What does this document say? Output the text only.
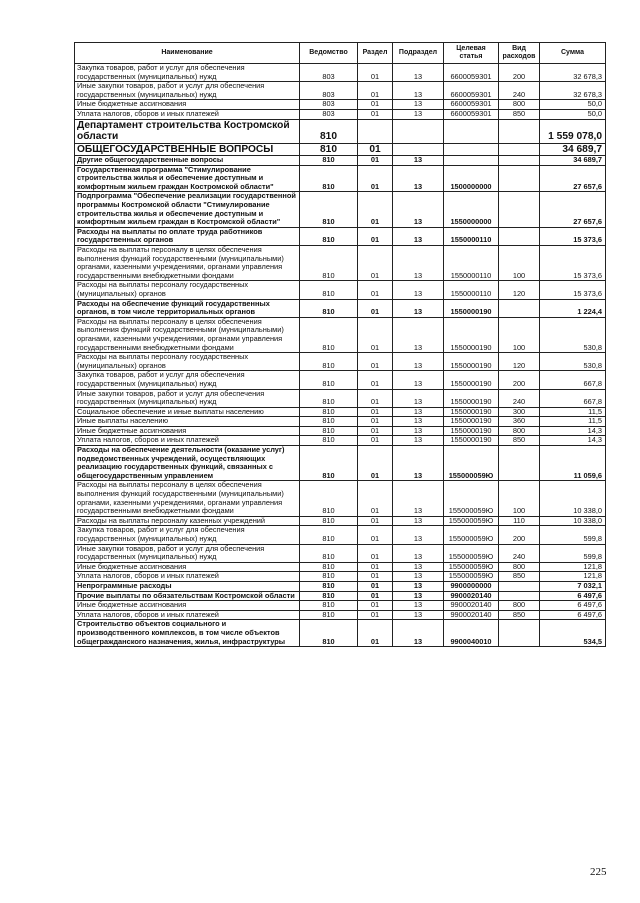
Наименование	Ведомство	Раздел	Подраздел	Целевая статья	Вид расходов	Сумма
Закупка товаров, работ и услуг для обеспечения государственных (муниципальных) нужд	803	01	13	6600059301	200	32 678,3
Иные закупки товаров, работ и услуг для обеспечения государственных (муниципальных) нужд	803	01	13	6600059301	240	32 678,3
Иные бюджетные ассигнования	803	01	13	6600059301	800	50,0
Уплата налогов, сборов и иных платежей	803	01	13	6600059301	850	50,0
Департамент строительства Костромской области	810					1 559 078,0
ОБЩЕГОСУДАРСТВЕННЫЕ ВОПРОСЫ	810	01				34 689,7
Другие общегосударственные вопросы	810	01	13			34 689,7
Государственная программа "Стимулирование строительства жилья и обеспечение доступным и комфортным жильем граждан Костромской области"	810	01	13	1500000000		27 657,6
Подпрограмма "Обеспечение реализации государственной программы Костромской области "Стимулирование строительства жилья и обеспечение доступным и комфортным жильем граждан в Костромской области"	810	01	13	1550000000		27 657,6
Расходы на выплаты по оплате труда работников государственных органов	810	01	13	1550000110		15 373,6
Расходы на выплаты персоналу в целях обеспечения выполнения функций государственными (муниципальными) органами, казенными учреждениями, органами управления государственными внебюджетными фондами	810	01	13	1550000110	100	15 373,6
Расходы на выплаты персоналу государственных (муниципальных) органов	810	01	13	1550000110	120	15 373,6
Расходы на обеспечение функций государственных органов, в том числе территориальных органов	810	01	13	1550000190		1 224,4
Расходы на выплаты персоналу в целях обеспечения выполнения функций государственными (муниципальными) органами, казенными учреждениями, органами управления государственными внебюджетными фондами	810	01	13	1550000190	100	530,8
Расходы на выплаты персоналу государственных (муниципальных) органов	810	01	13	1550000190	120	530,8
Закупка товаров, работ и услуг для обеспечения государственных (муниципальных) нужд	810	01	13	1550000190	200	667,8
Иные закупки товаров, работ и услуг для обеспечения государственных (муниципальных) нужд	810	01	13	1550000190	240	667,8
Социальное обеспечение и иные выплаты населению	810	01	13	1550000190	300	11,5
Иные выплаты населению	810	01	13	1550000190	360	11,5
Иные бюджетные ассигнования	810	01	13	1550000190	800	14,3
Уплата налогов, сборов и иных платежей	810	01	13	1550000190	850	14,3
Расходы на обеспечение деятельности (оказание услуг) подведомственных учреждений, осуществляющих реализацию государственных функций, связанных с общегосударственным управлением	810	01	13	155000059Ю		11 059,6
Расходы на выплаты персоналу в целях обеспечения выполнения функций государственными (муниципальными) органами, казенными учреждениями, органами управления государственными внебюджетными фондами	810	01	13	155000059Ю	100	10 338,0
Расходы на выплаты персоналу казенных учреждений	810	01	13	155000059Ю	110	10 338,0
Закупка товаров, работ и услуг для обеспечения государственных (муниципальных) нужд	810	01	13	155000059Ю	200	599,8
Иные закупки товаров, работ и услуг для обеспечения государственных (муниципальных) нужд	810	01	13	155000059Ю	240	599,8
Иные бюджетные ассигнования	810	01	13	155000059Ю	800	121,8
Уплата налогов, сборов и иных платежей	810	01	13	155000059Ю	850	121,8
Непрограммные расходы	810	01	13	9900000000		7 032,1
Прочие выплаты по обязательствам Костромской области	810	01	13	9900020140		6 497,6
Иные бюджетные ассигнования	810	01	13	9900020140	800	6 497,6
Уплата налогов, сборов и иных платежей	810	01	13	9900020140	850	6 497,6
Строительство объектов социального и производственного комплексов, в том числе объектов общегражданского назначения, жилья, инфраструктуры	810	01	13	9900040010		534,5
225
